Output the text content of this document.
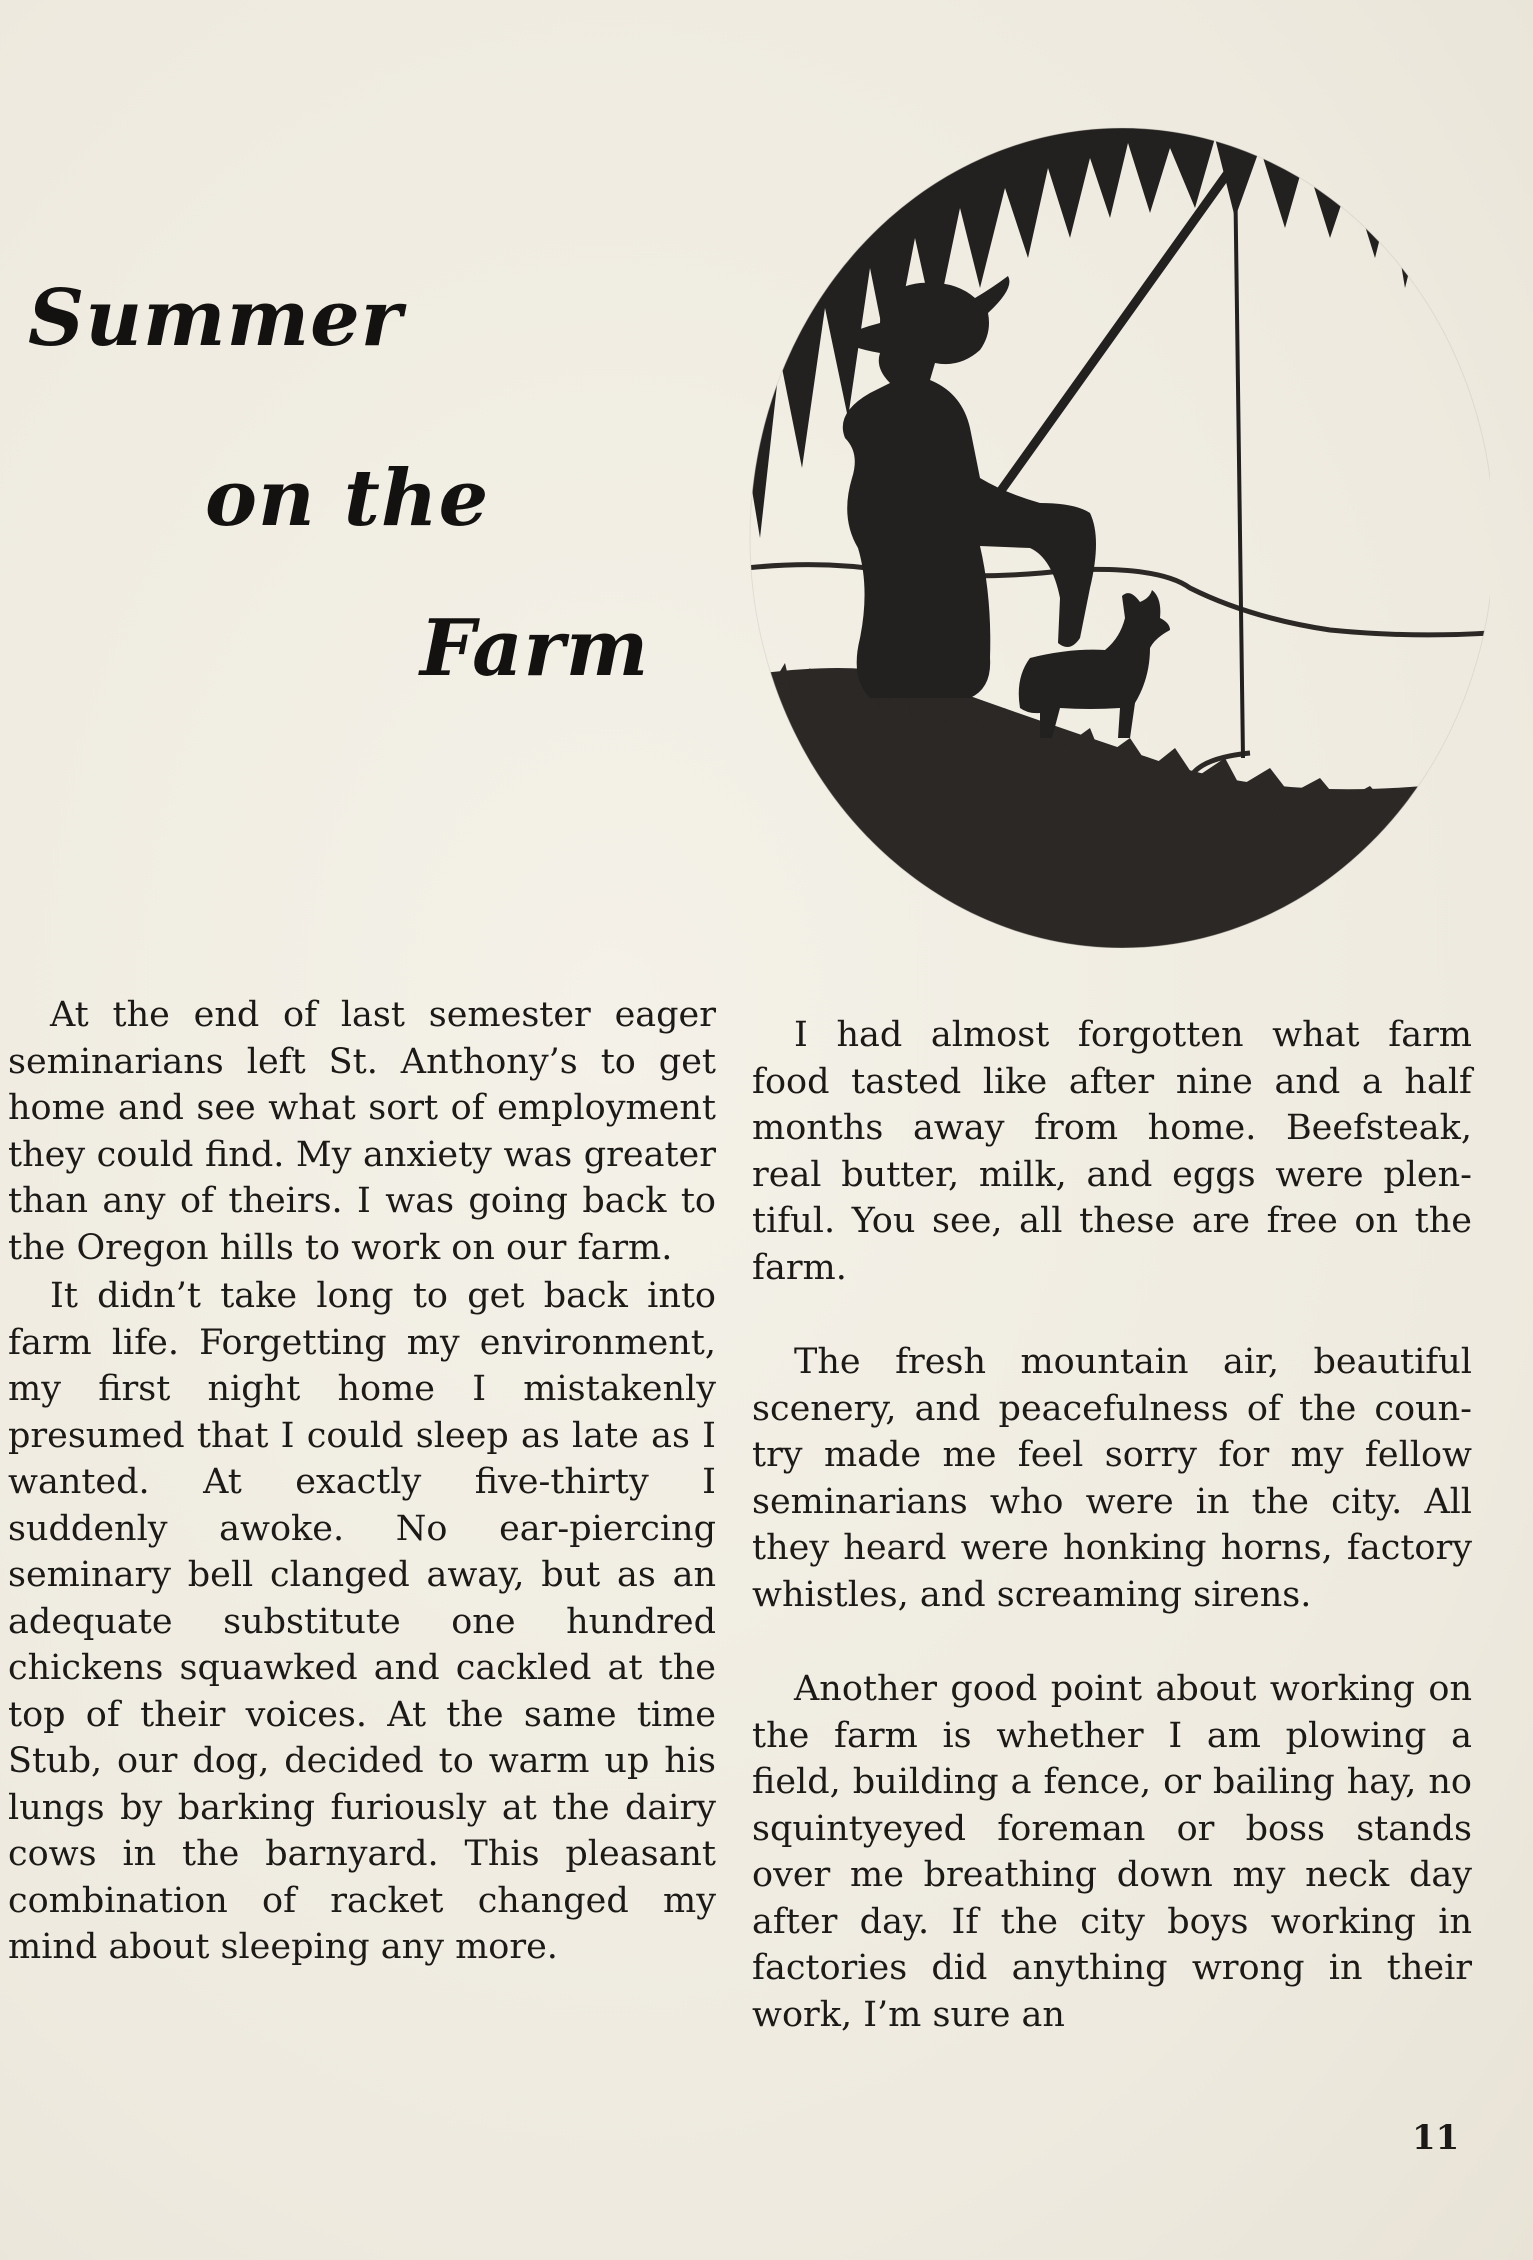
Summer
on the
Farm

At the end of last semester eager seminarians left St. Anthony’s to get home and see what sort of employment they could find. My anxiety was greater than any of theirs. I was going back to the Oregon hills to work on our farm.

It didn’t take long to get back into farm life. Forgetting my environment, my first night home I mistakenly presumed that I could sleep as late as I wanted. At exactly five-thirty I suddenly awoke. No ear-piercing seminary bell clanged away, but as an adequate substitute one hundred chickens squawked and cackled at the top of their voices. At the same time Stub, our dog, decided to warm up his lungs by barking furiously at the dairy cows in the barnyard. This pleasant combination of racket changed my mind about sleeping any more.

I had almost forgotten what farm food tasted like after nine and a half months away from home. Beefsteak, real butter, milk, and eggs were plentiful. You see, all these are free on the farm.

The fresh mountain air, beautiful scenery, and peacefulness of the country made me feel sorry for my fellow seminarians who were in the city. All they heard were honking horns, factory whistles, and screaming sirens.

Another good point about working on the farm is whether I am plowing a field, building a fence, or bailing hay, no squintyeyed foreman or boss stands over me breathing down my neck day after day. If the city boys working in factories did anything wrong in their work, I’m sure an

11
